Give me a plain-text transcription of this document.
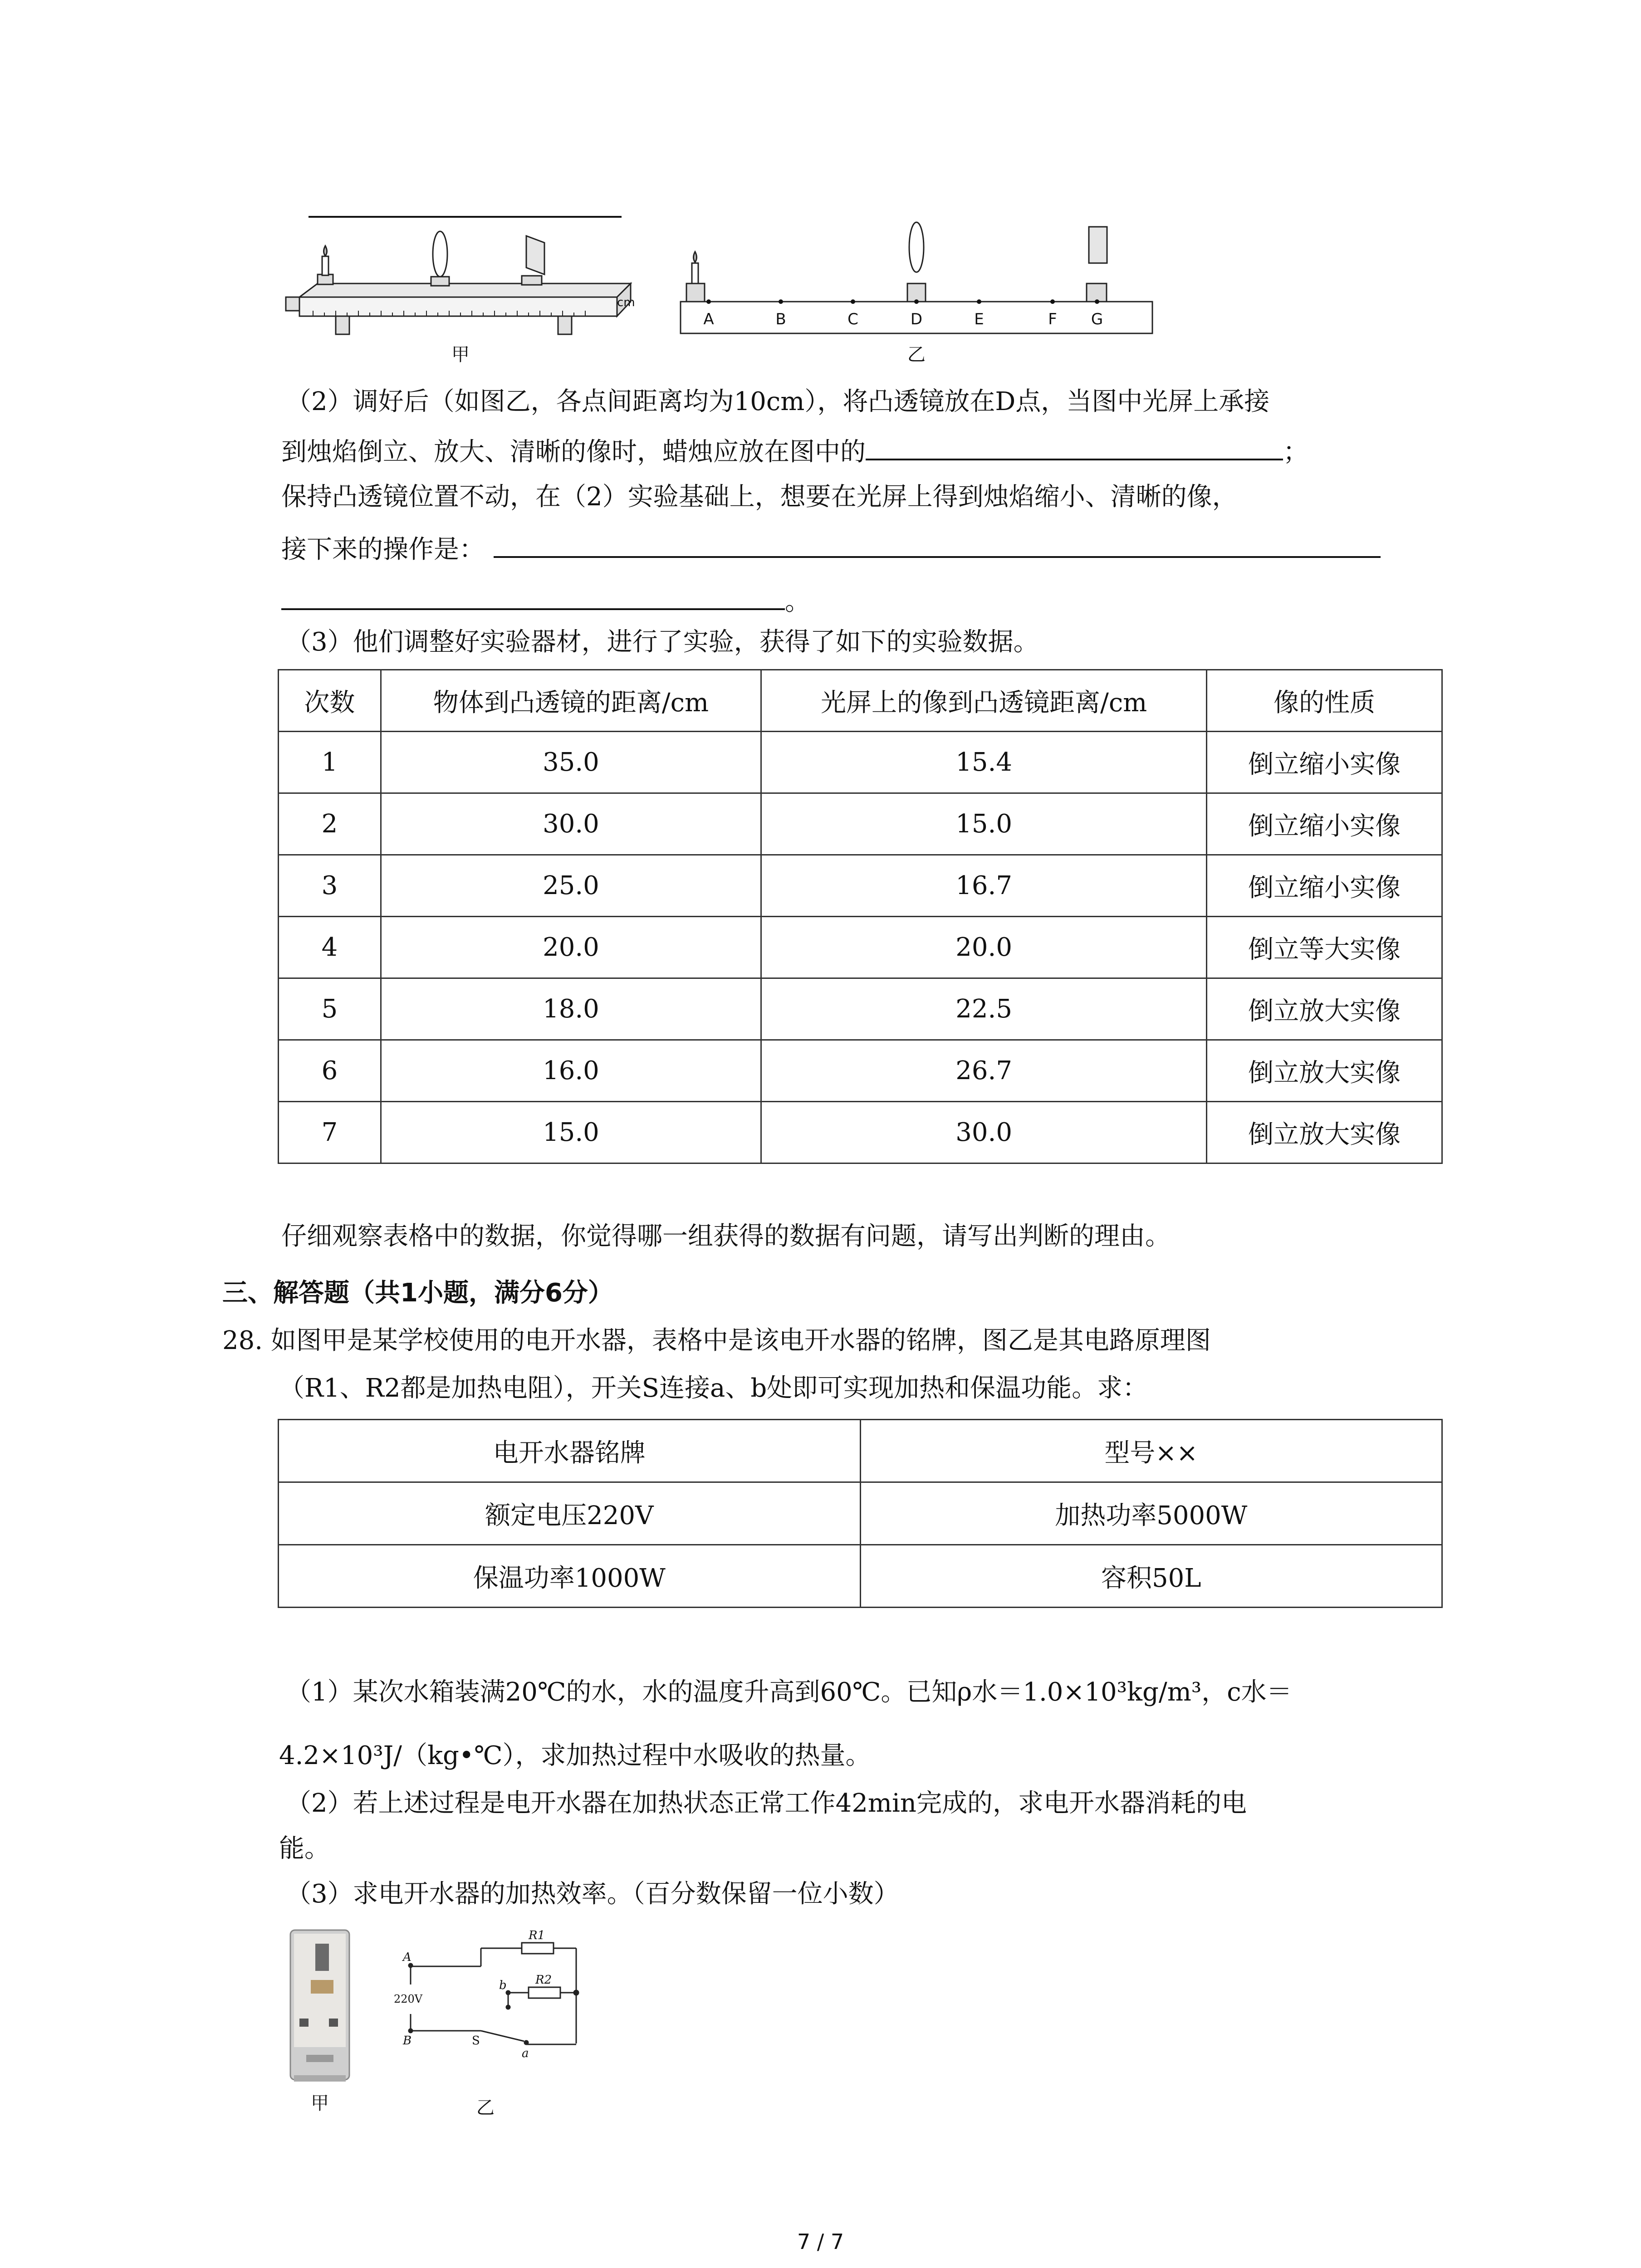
cm
甲
A	B	C	D	E	F G
乙
（2）调好后（如图乙，各点间距离均为10cm），将凸透镜放在D点，当图中光屏上承接
到烛焰倒立、放大、清晰的像时，蜡烛应放在图中的	；
保持凸透镜位置不动，在（2）实验基础上，想要在光屏上得到烛焰缩小、清晰的像，
接下来的操作是：
。
（3）他们调整好实验器材，进行了实验，获得了如下的实验数据。
次数	物体到凸透镜的距离/cm	光屏上的像到凸透镜距离/cm	像的性质
1	35.0	15.4	倒立缩小实像
2	30.0	15.0	倒立缩小实像
3	25.0	16.7	倒立缩小实像
4	20.0	20.0	倒立等大实像
5	18.0	22.5	倒立放大实像
6	16.0	26.7	倒立放大实像
7	15.0	30.0	倒立放大实像
仔细观察表格中的数据，你觉得哪一组获得的数据有问题，请写出判断的理由。
三、解答题（共1小题，满分6分）
28. 如图甲是某学校使用的电开水器，表格中是该电开水器的铭牌，图乙是其电路原理图
（R1、R2都是加热电阻），开关S连接a、b处即可实现加热和保温功能。求：
电开水器铭牌	型号××
额定电压220V	加热功率5000W
保温功率1000W	容积50L
（1）某次水箱装满20℃的水，水的温度升高到60℃。已知ρ水＝1.0×10³kg/m³，c水＝
4.2×10³J/（kg•℃），求加热过程中水吸收的热量。
（2）若上述过程是电开水器在加热状态正常工作42min完成的，求电开水器消耗的电
能。
（3）求电开水器的加热效率。（百分数保留一位小数）
甲
A
B
220V
R1
R2
b
S
a
乙
7 / 7
